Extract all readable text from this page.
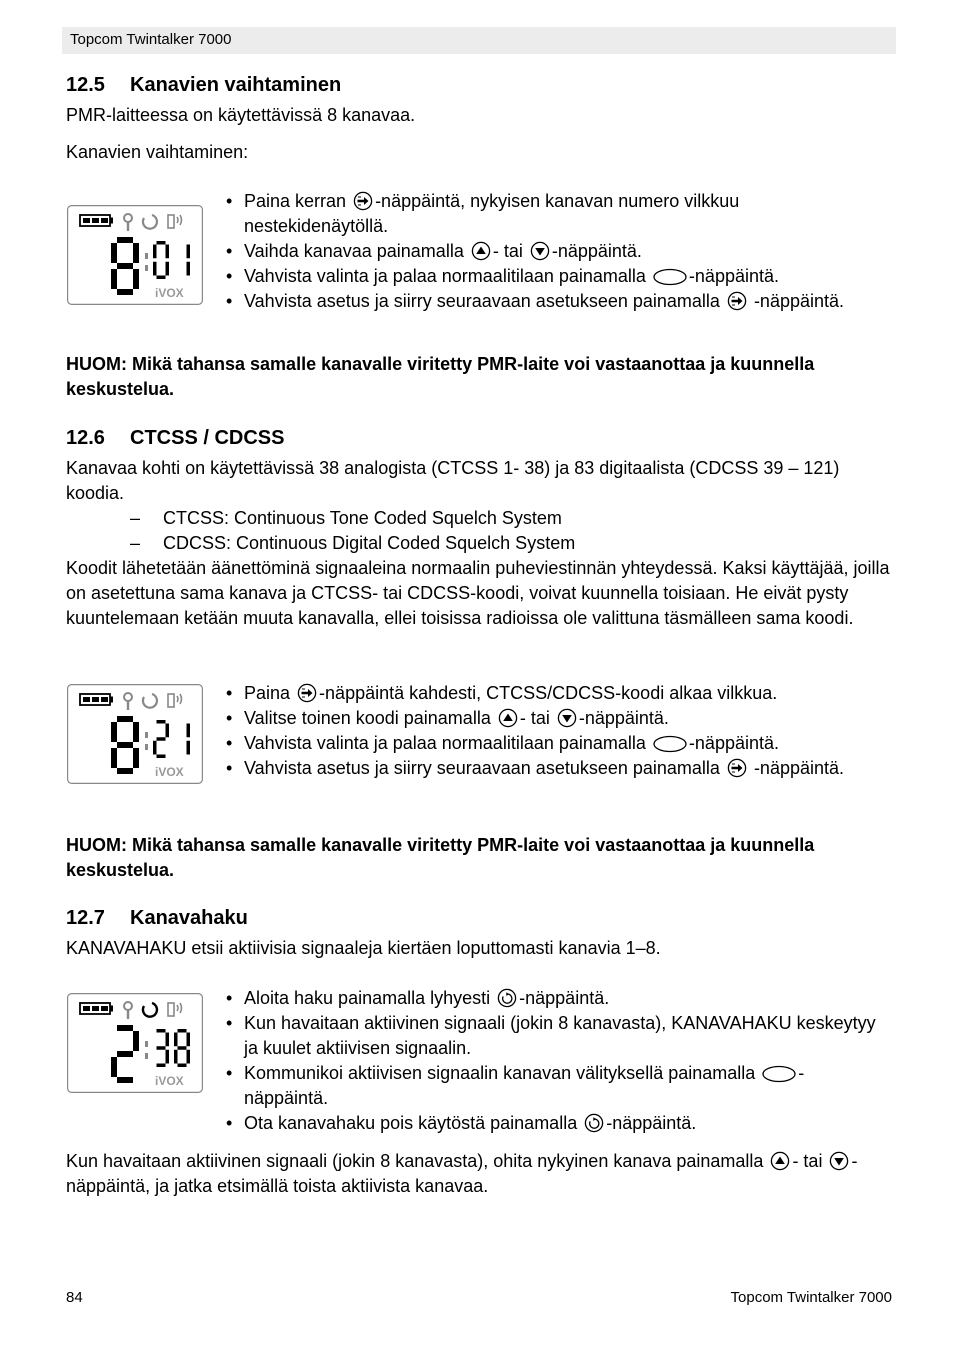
Topcom Twintalker 7000
12.5 Kanavien vaihtaminen

PMR-laitteessa on käytettävissä 8 kanavaa.

Kanavien vaihtaminen:

iVOX
• Paina kerran -näppäintä, nykyisen kanavan numero vilkkuu nestekidenäytöllä.
• Vaihda kanavaa painamalla - tai -näppäintä.
• Vahvista valinta ja palaa normaalitilaan painamalla -näppäintä.
• Vahvista asetus ja siirry seuraavaan asetukseen painamalla  -näppäintä.

HUOM: Mikä tahansa samalle kanavalle viritetty PMR-laite voi vastaanottaa ja kuunnella keskustelua.

12.6 CTCSS / CDCSS

Kanavaa kohti on käytettävissä 38 analogista (CTCSS 1- 38) ja 83 digitaalista (CDCSS 39 – 121) koodia.

– CTCSS: Continuous Tone Coded Squelch System
– CDCSS: Continuous Digital Coded Squelch System

Koodit lähetetään äänettöminä signaaleina normaalin puheviestinnän yhteydessä. Kaksi käyttäjää, joilla on asetettuna sama kanava ja CTCSS- tai CDCSS-koodi, voivat kuunnella toisiaan. He eivät pysty kuuntelemaan ketään muuta kanavalla, ellei toisissa radioissa ole valittuna täsmälleen sama koodi.

iVOX
• Paina -näppäintä kahdesti, CTCSS/CDCSS-koodi alkaa vilkkua.
• Valitse toinen koodi painamalla - tai -näppäintä.
• Vahvista valinta ja palaa normaalitilaan painamalla -näppäintä.
• Vahvista asetus ja siirry seuraavaan asetukseen painamalla  -näppäintä.

HUOM: Mikä tahansa samalle kanavalle viritetty PMR-laite voi vastaanottaa ja kuunnella keskustelua.

12.7 Kanavahaku

KANAVAHAKU etsii aktiivisia signaaleja kiertäen loputtomasti kanavia 1–8.

iVOX
• Aloita haku painamalla lyhyesti -näppäintä.
• Kun havaitaan aktiivinen signaali (jokin 8 kanavasta), KANAVAHAKU keskeytyy ja kuulet aktiivisen signaalin.
• Kommunikoi aktiivisen signaalin kanavan välityksellä painamalla -näppäintä.
• Ota kanavahaku pois käytöstä painamalla -näppäintä.

Kun havaitaan aktiivinen signaali (jokin 8 kanavasta), ohita nykyinen kanava painamalla - tai -näppäintä, ja jatka etsimällä toista aktiivista kanavaa.

84	Topcom Twintalker 7000
